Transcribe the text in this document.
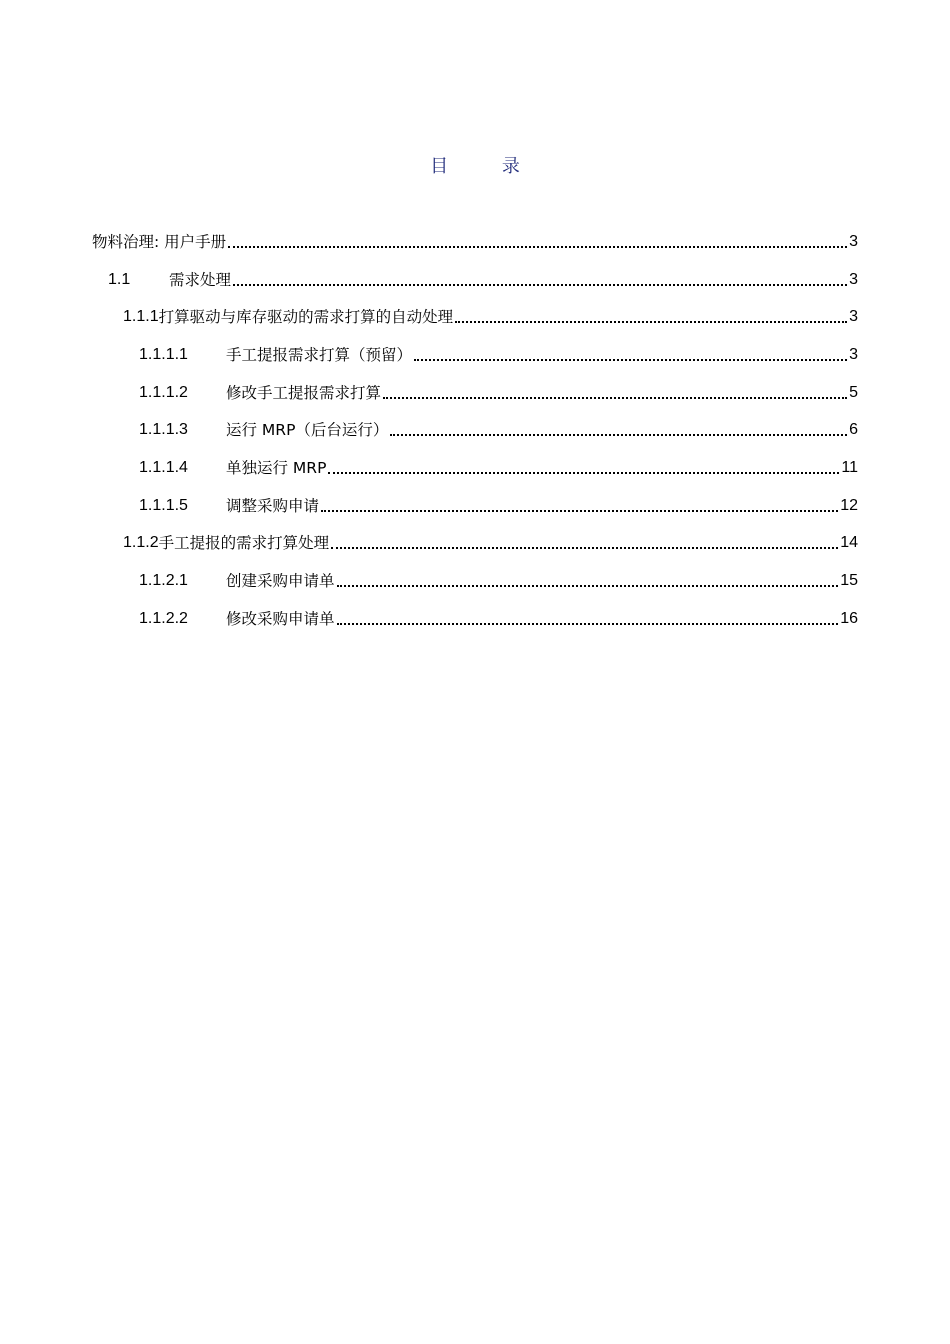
目 录
物料治理: 用户手册	3
1.1	需求处理	3
1.1.1 打算驱动与库存驱动的需求打算的自动处理	3
1.1.1.1	手工提报需求打算（预留）	3
1.1.1.2	修改手工提报需求打算	5
1.1.1.3	运行 MRP（后台运行）	6
1.1.1.4	单独运行 MRP	11
1.1.1.5	调整采购申请	12
1.1.2 手工提报的需求打算处理	14
1.1.2.1	创建采购申请单	15
1.1.2.2	修改采购申请单	16
